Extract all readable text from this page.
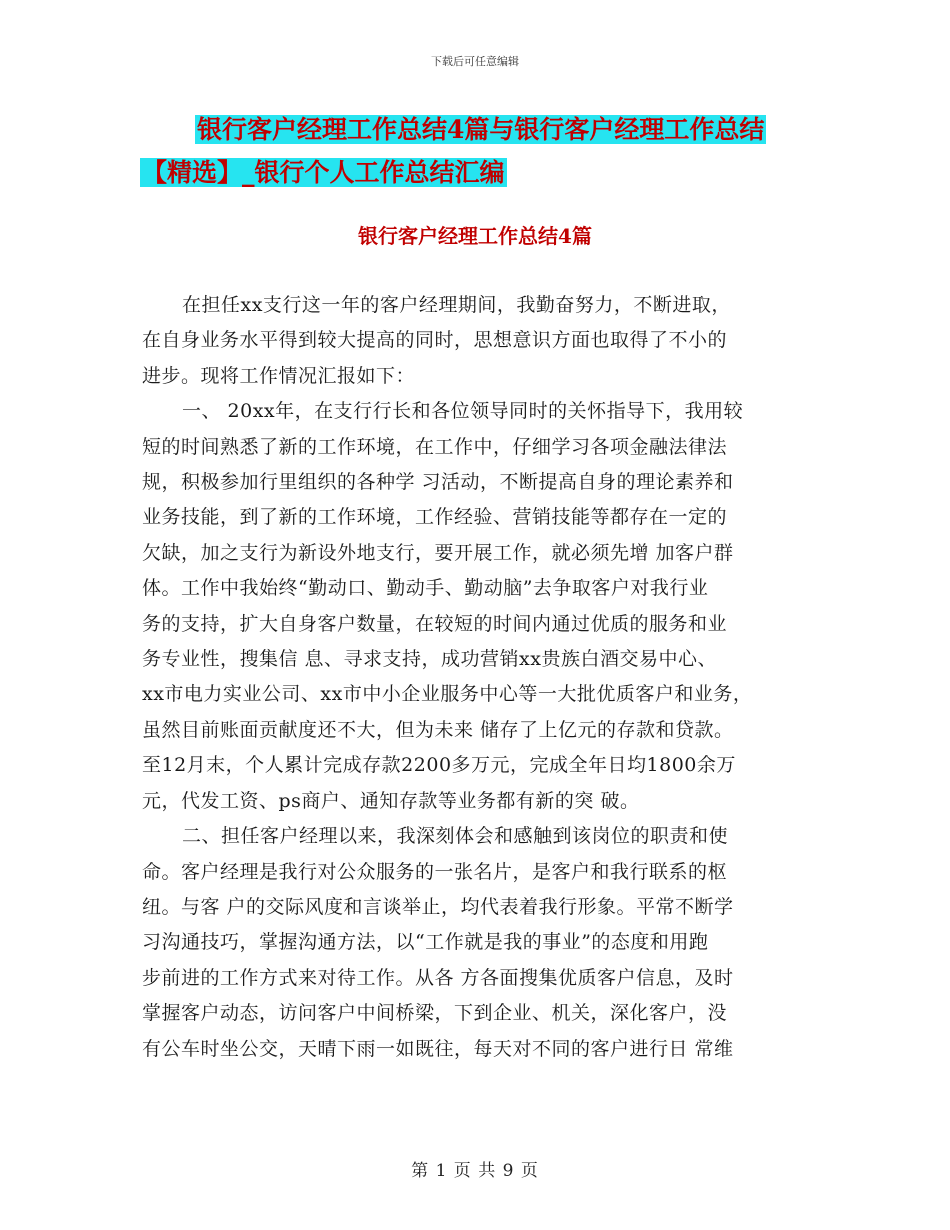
下载后可任意编辑
银行客户经理工作总结4篇与银行客户经理工作总结
【精选】_银行个人工作总结汇编
银行客户经理工作总结4篇
在担任xx支行这一年的客户经理期间，我勤奋努力，不断进取，
在自身业务水平得到较大提高的同时，思想意识方面也取得了不小的
进步。现将工作情况汇报如下：
一、 20xx年，在支行行长和各位领导同时的关怀指导下，我用较
短的时间熟悉了新的工作环境，在工作中，仔细学习各项金融法律法
规，积极参加行里组织的各种学 习活动，不断提高自身的理论素养和
业务技能，到了新的工作环境，工作经验、营销技能等都存在一定的
欠缺，加之支行为新设外地支行，要开展工作，就必须先增 加客户群
体。工作中我始终“勤动口、勤动手、勤动脑”去争取客户对我行业
务的支持，扩大自身客户数量，在较短的时间内通过优质的服务和业
务专业性，搜集信 息、寻求支持，成功营销xx贵族白酒交易中心、
xx市电力实业公司、xx市中小企业服务中心等一大批优质客户和业务，
虽然目前账面贡献度还不大，但为未来 储存了上亿元的存款和贷款。
至12月末，个人累计完成存款2200多万元，完成全年日均1800余万
元，代发工资、ps商户、通知存款等业务都有新的突 破。
二、担任客户经理以来，我深刻体会和感触到该岗位的职责和使
命。客户经理是我行对公众服务的一张名片，是客户和我行联系的枢
纽。与客 户的交际风度和言谈举止，均代表着我行形象。平常不断学
习沟通技巧，掌握沟通方法，以“工作就是我的事业”的态度和用跑
步前进的工作方式来对待工作。从各 方各面搜集优质客户信息，及时
掌握客户动态，访问客户中间桥梁，下到企业、机关，深化客户，没
有公车时坐公交，天晴下雨一如既往，每天对不同的客户进行日 常维
第 1 页 共 9 页
